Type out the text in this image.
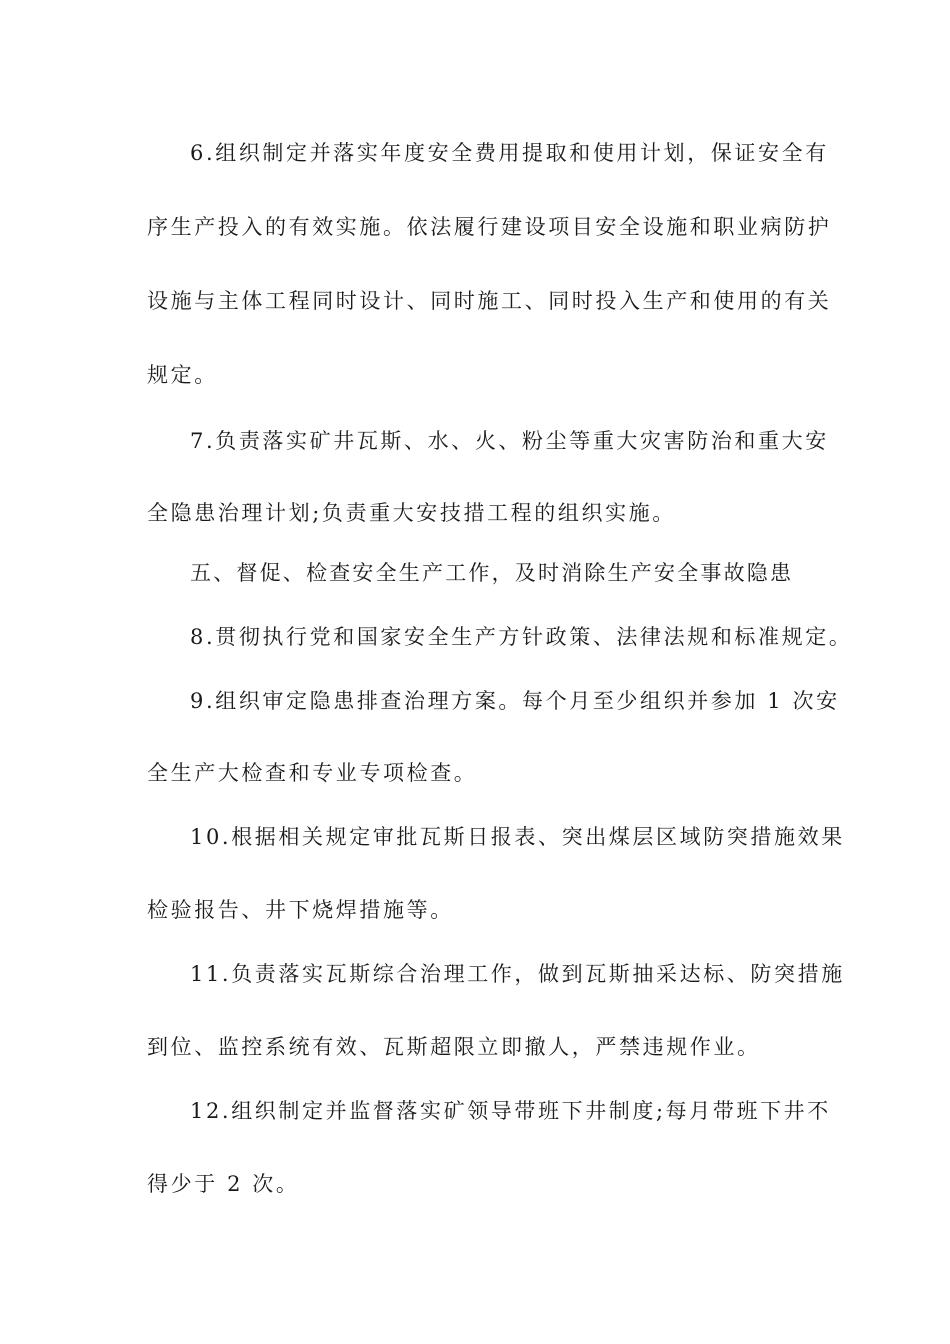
6.组织制定并落实年度安全费用提取和使用计划，保证安全有
序生产投入的有效实施。依法履行建设项目安全设施和职业病防护
设施与主体工程同时设计、同时施工、同时投入生产和使用的有关
规定。
7.负责落实矿井瓦斯、水、火、粉尘等重大灾害防治和重大安
全隐患治理计划;负责重大安技措工程的组织实施。
五、督促、检查安全生产工作，及时消除生产安全事故隐患
8.贯彻执行党和国家安全生产方针政策、法律法规和标准规定。
9.组织审定隐患排查治理方案。每个月至少组织并参加 1 次安
全生产大检查和专业专项检查。
10.根据相关规定审批瓦斯日报表、突出煤层区域防突措施效果
检验报告、井下烧焊措施等。
11.负责落实瓦斯综合治理工作，做到瓦斯抽采达标、防突措施
到位、监控系统有效、瓦斯超限立即撤人，严禁违规作业。
12.组织制定并监督落实矿领导带班下井制度;每月带班下井不
得少于 2 次。
